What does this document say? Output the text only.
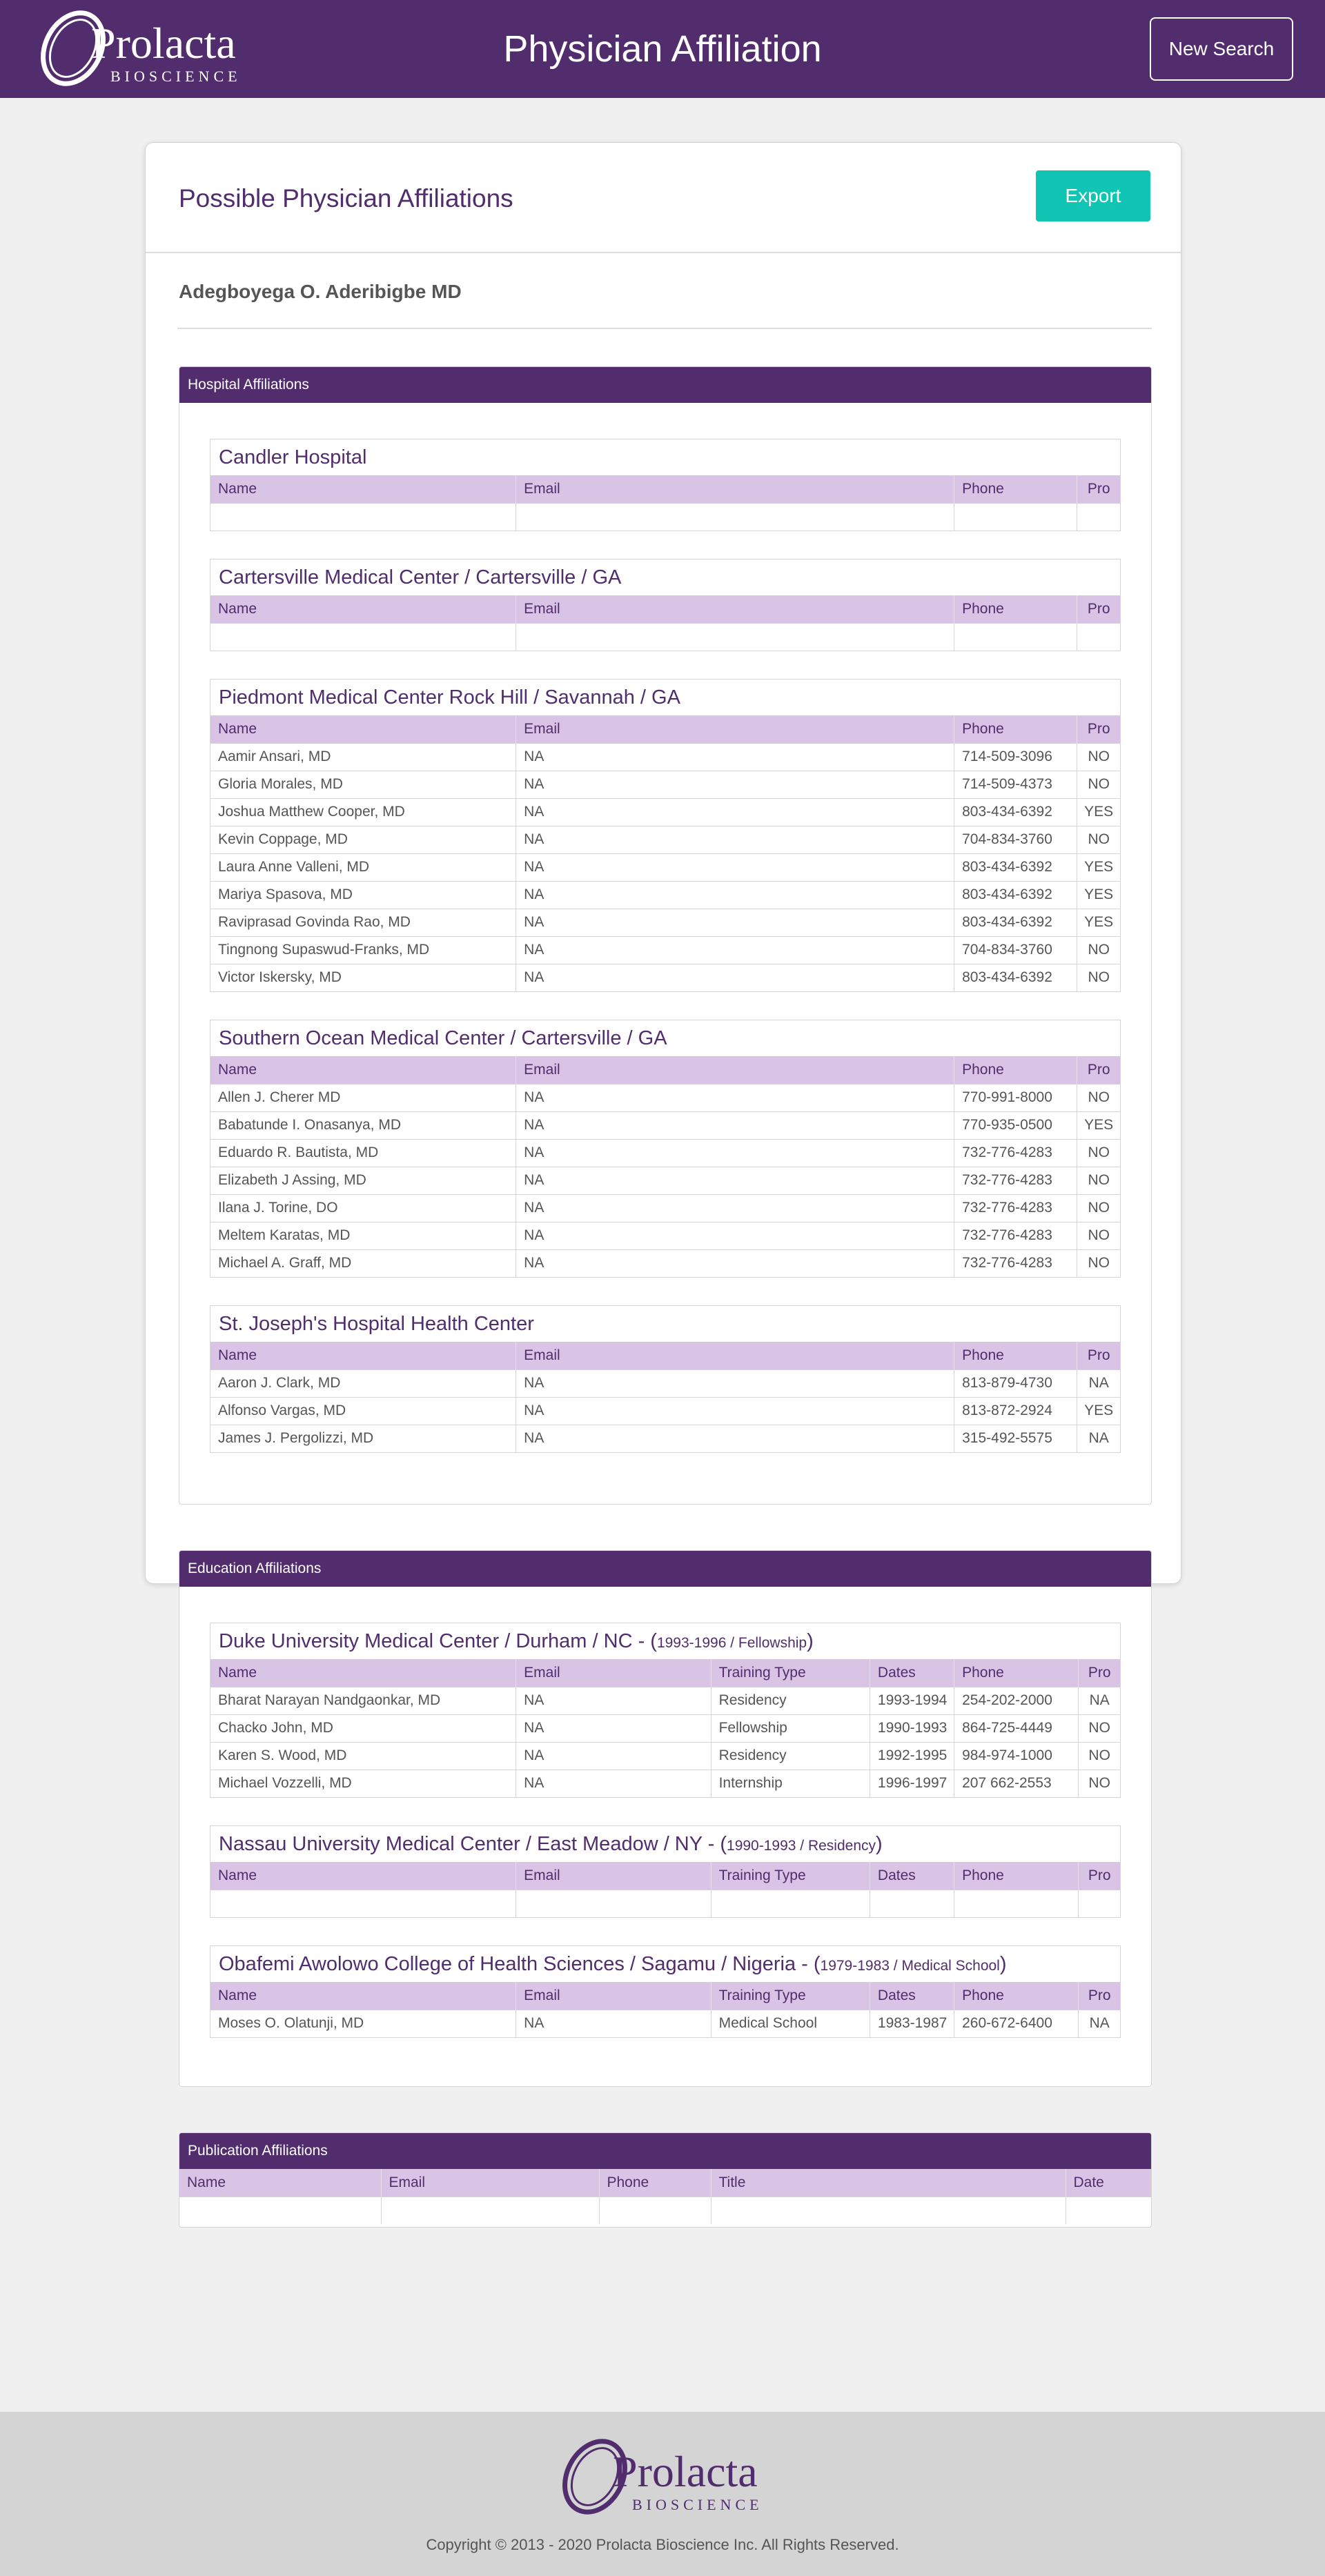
Prolacta
BIOSCIENCE
Physician Affiliation	New Search
Possible Physician Affiliations	Export
Adegboyega O. Aderibigbe MD
Hospital Affiliations
Candler Hospital
Name	Email	Phone	Pro

Cartersville Medical Center / Cartersville / GA
Name	Email	Phone	Pro

Piedmont Medical Center Rock Hill / Savannah / GA
Name	Email	Phone	Pro
Aamir Ansari, MD	NA	714-509-3096	NO
Gloria Morales, MD	NA	714-509-4373	NO
Joshua Matthew Cooper, MD	NA	803-434-6392	YES
Kevin Coppage, MD	NA	704-834-3760	NO
Laura Anne Valleni, MD	NA	803-434-6392	YES
Mariya Spasova, MD	NA	803-434-6392	YES
Raviprasad Govinda Rao, MD	NA	803-434-6392	YES
Tingnong Supaswud-Franks, MD	NA	704-834-3760	NO
Victor Iskersky, MD	NA	803-434-6392	NO
Southern Ocean Medical Center / Cartersville / GA
Name	Email	Phone	Pro
Allen J. Cherer MD	NA	770-991-8000	NO
Babatunde I. Onasanya, MD	NA	770-935-0500	YES
Eduardo R. Bautista, MD	NA	732-776-4283	NO
Elizabeth J Assing, MD	NA	732-776-4283	NO
Ilana J. Torine, DO	NA	732-776-4283	NO
Meltem Karatas, MD	NA	732-776-4283	NO
Michael A. Graff, MD	NA	732-776-4283	NO
St. Joseph's Hospital Health Center
Name	Email	Phone	Pro
Aaron J. Clark, MD	NA	813-879-4730	NA
Alfonso Vargas, MD	NA	813-872-2924	YES
James J. Pergolizzi, MD	NA	315-492-5575	NA
Education Affiliations
Duke University Medical Center / Durham / NC - (1993-1996 / Fellowship)
Name	Email	Training Type	Dates	Phone	Pro
Bharat Narayan Nandgaonkar, MD	NA	Residency	1993-1994	254-202-2000	NA
Chacko John, MD	NA	Fellowship	1990-1993	864-725-4449	NO
Karen S. Wood, MD	NA	Residency	1992-1995	984-974-1000	NO
Michael Vozzelli, MD	NA	Internship	1996-1997	207 662-2553	NO
Nassau University Medical Center / East Meadow / NY - (1990-1993 / Residency)
Name	Email	Training Type	Dates	Phone	Pro

Obafemi Awolowo College of Health Sciences / Sagamu / Nigeria - (1979-1983 / Medical School)
Name	Email	Training Type	Dates	Phone	Pro
Moses O. Olatunji, MD	NA	Medical School	1983-1987	260-672-6400	NA
Publication Affiliations
Name	Email	Phone	Title	Date

Prolacta
BIOSCIENCE
Copyright © 2013 - 2020 Prolacta Bioscience Inc. All Rights Reserved.
